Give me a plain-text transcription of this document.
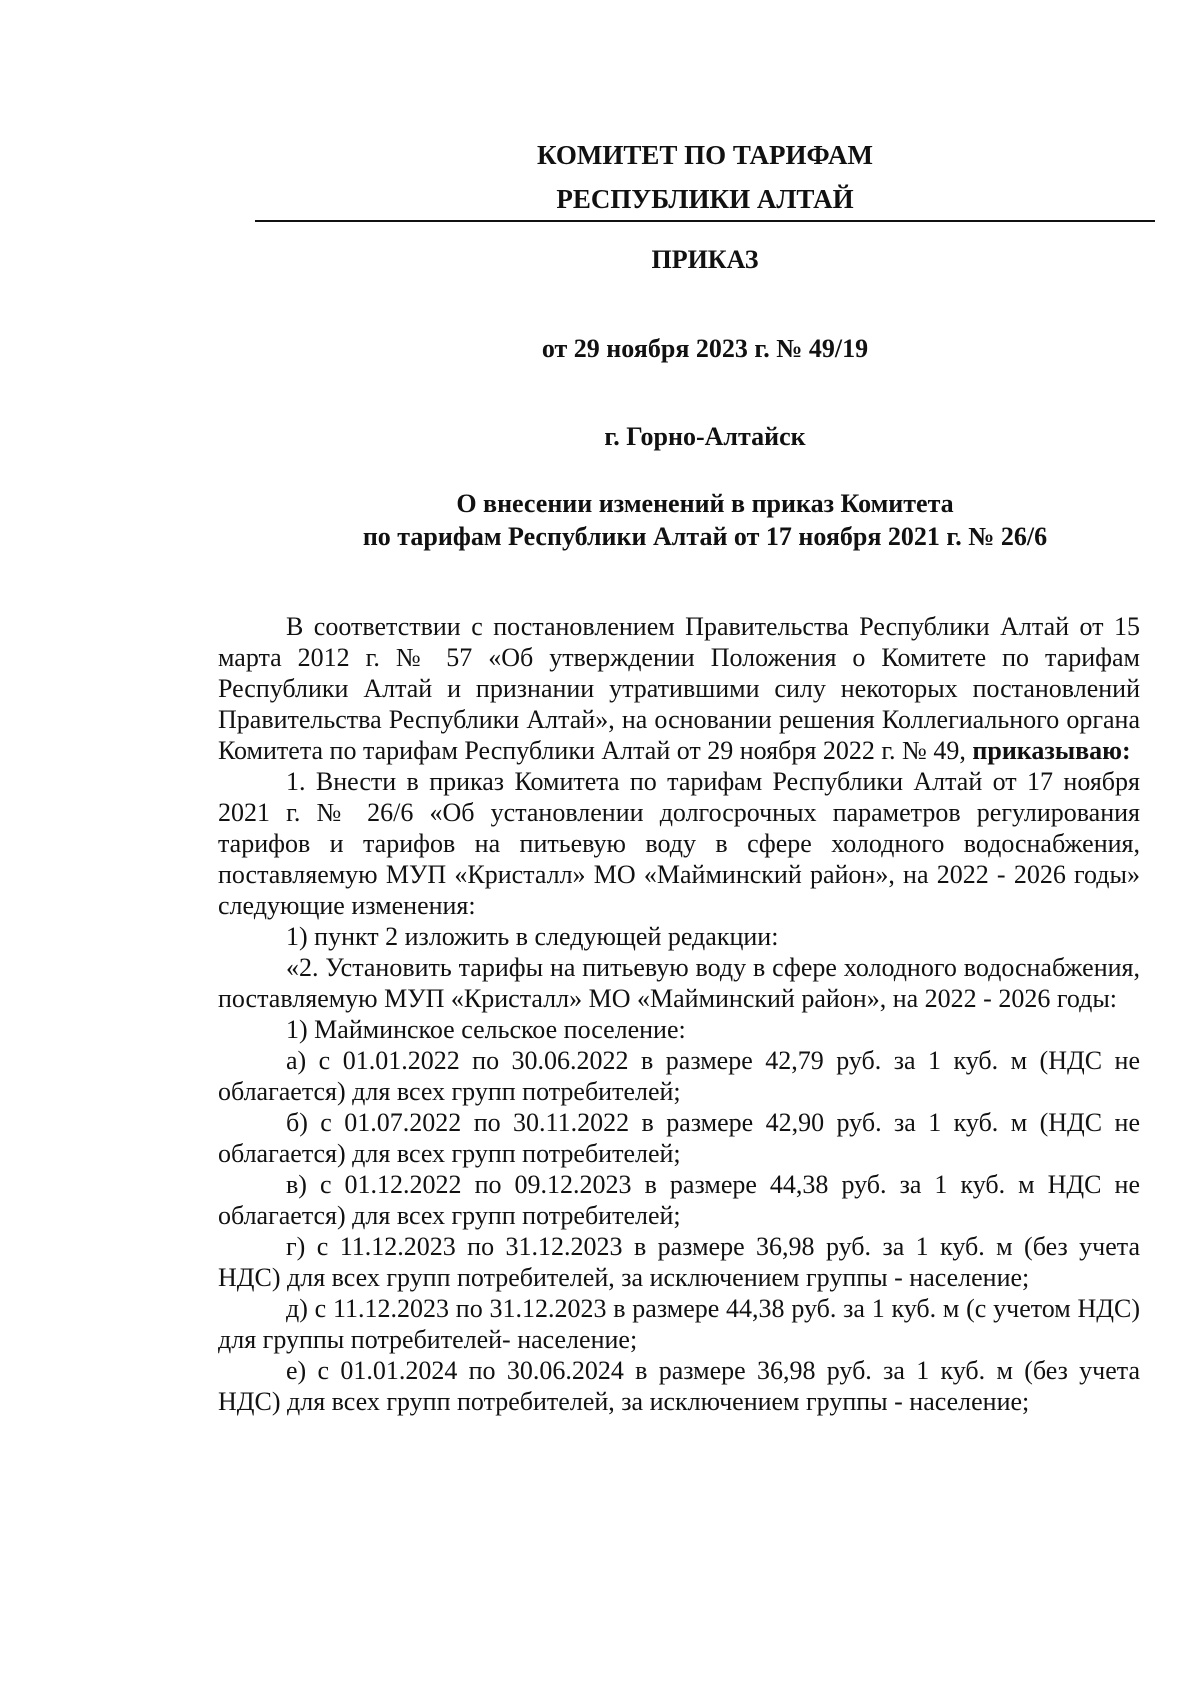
КОМИТЕТ ПО ТАРИФАМ
РЕСПУБЛИКИ АЛТАЙ
ПРИКАЗ
от 29 ноября 2023 г. № 49/19
г. Горно-Алтайск
О внесении изменений в приказ Комитета
по тарифам Республики Алтай от 17 ноября 2021 г. № 26/6

В соответствии с постановлением Правительства Республики Алтай от 15 марта 2012 г. № 57 «Об утверждении Положения о Комитете по тарифам Республики Алтай и признании утратившими силу некоторых постановлений Правительства Республики Алтай», на основании решения Коллегиального органа Комитета по тарифам Республики Алтай от 29 ноября 2022 г. № 49, приказываю:

1. Внести в приказ Комитета по тарифам Республики Алтай от 17 ноября 2021 г. № 26/6 «Об установлении долгосрочных параметров регулирования тарифов и тарифов на питьевую воду в сфере холодного водоснабжения, поставляемую МУП «Кристалл» МО «Майминский район», на 2022 - 2026 годы» следующие изменения:

1) пункт 2 изложить в следующей редакции:

«2. Установить тарифы на питьевую воду в сфере холодного водоснабжения, поставляемую МУП «Кристалл» МО «Майминский район», на 2022 - 2026 годы:

1) Майминское сельское поселение:

а) с 01.01.2022 по 30.06.2022 в размере 42,79 руб. за 1 куб. м (НДС не облагается) для всех групп потребителей;

б) с 01.07.2022 по 30.11.2022 в размере 42,90 руб. за 1 куб. м (НДС не облагается) для всех групп потребителей;

в) с 01.12.2022 по 09.12.2023 в размере 44,38 руб. за 1 куб. м НДС не облагается) для всех групп потребителей;

г) с 11.12.2023 по 31.12.2023 в размере 36,98 руб. за 1 куб. м (без учета НДС) для всех групп потребителей, за исключением группы - население;

д) с 11.12.2023 по 31.12.2023 в размере 44,38 руб. за 1 куб. м (с учетом НДС) для группы потребителей- население;

е) с 01.01.2024 по 30.06.2024 в размере 36,98 руб. за 1 куб. м (без учета НДС) для всех групп потребителей, за исключением группы - население;
